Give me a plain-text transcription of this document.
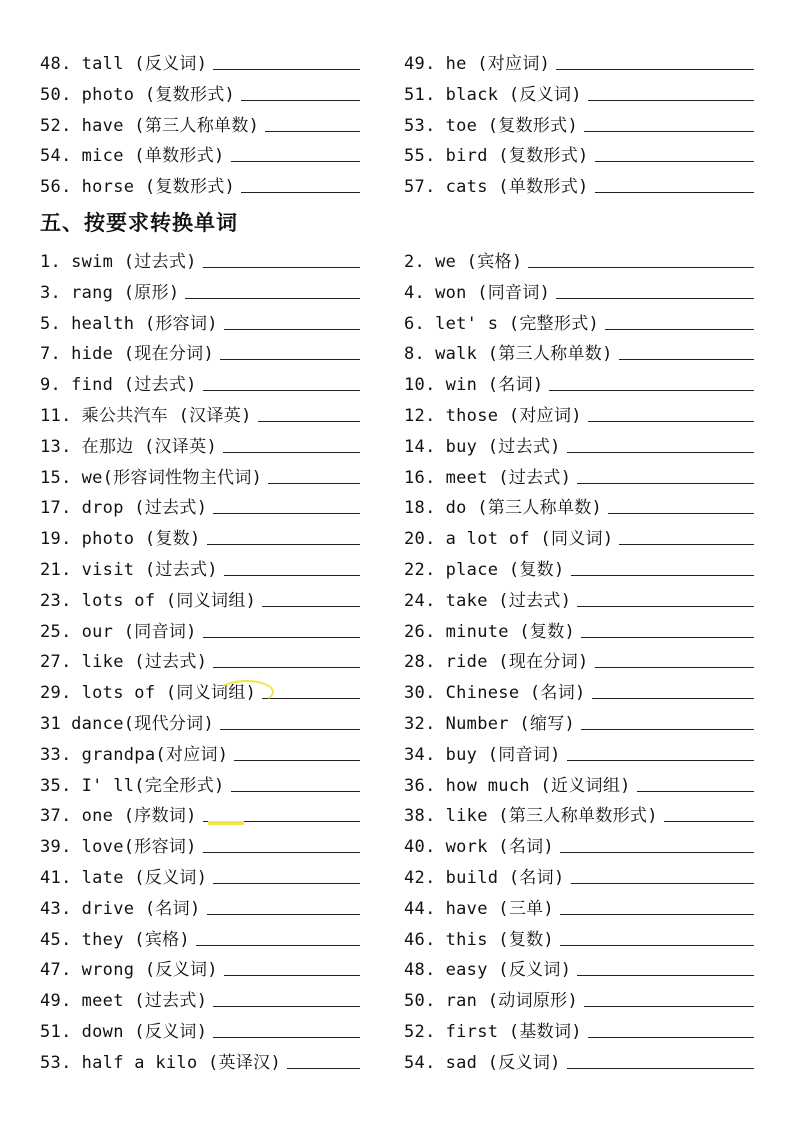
48. tall (反义词)
50. photo (复数形式)
52. have (第三人称单数)
54. mice (单数形式)
56. horse (复数形式)
49. he (对应词)
51. black (反义词)
53. toe (复数形式)
55. bird (复数形式)
57. cats (单数形式)
五、按要求转换单词
1. swim (过去式)
3. rang (原形)
5. health (形容词)
7. hide (现在分词)
9. find (过去式)
11. 乘公共汽车 (汉译英)
13. 在那边 (汉译英)
15. we(形容词性物主代词)
17. drop (过去式)
19. photo (复数)
21. visit (过去式)
23. lots of (同义词组)
25. our (同音词)
27. like (过去式)
29. lots of (同义词组)
31 dance(现代分词)
33. grandpa(对应词)
35. I' ll(完全形式)
37. one (序数词)
39. love(形容词)
41. late (反义词)
43. drive (名词)
45. they (宾格)
47. wrong (反义词)
49. meet (过去式)
51. down (反义词)
53. half a kilo (英译汉)
2. we (宾格)
4. won (同音词)
6. let' s (完整形式)
8. walk (第三人称单数)
10. win (名词)
12. those (对应词)
14. buy (过去式)
16. meet (过去式)
18. do (第三人称单数)
20. a lot of (同义词)
22. place (复数)
24. take (过去式)
26. minute (复数)
28. ride (现在分词)
30. Chinese (名词)
32. Number (缩写)
34. buy (同音词)
36. how much (近义词组)
38. like (第三人称单数形式)
40. work (名词)
42. build (名词)
44. have (三单)
46. this (复数)
48. easy (反义词)
50. ran (动词原形)
52. first (基数词)
54. sad (反义词)
